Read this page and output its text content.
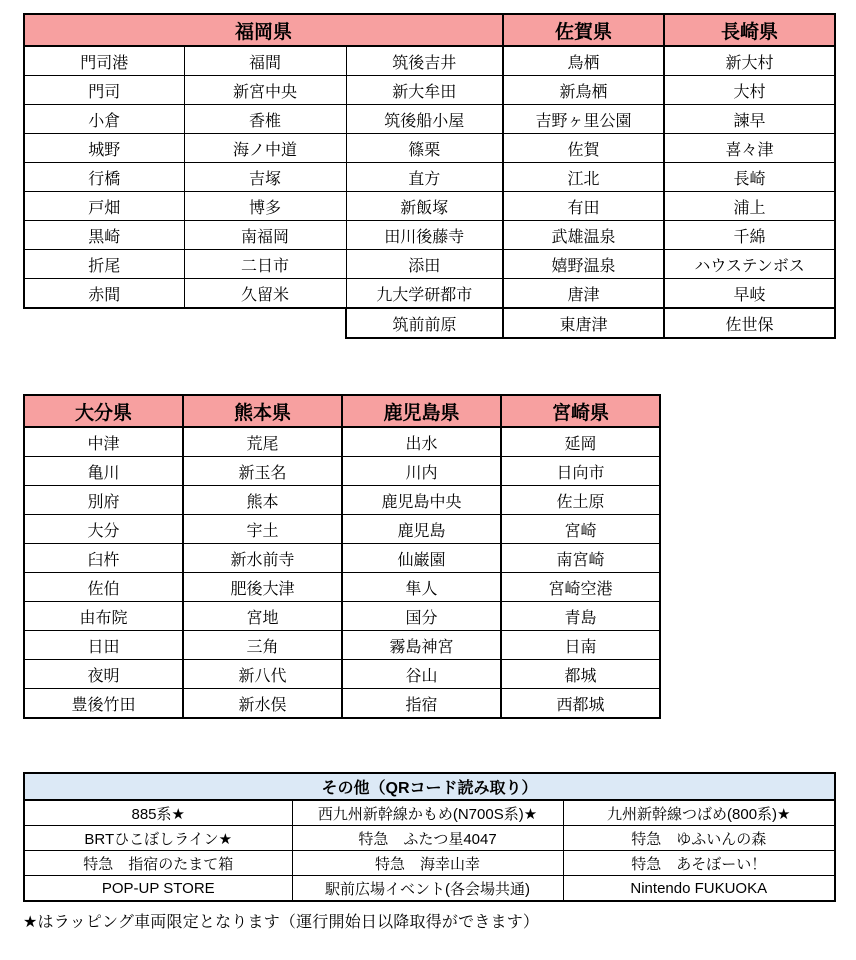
福岡県			佐賀県	長崎県
門司港	福間	筑後吉井	鳥栖	新大村
門司	新宮中央	新大牟田	新鳥栖	大村
小倉	香椎	筑後船小屋	吉野ヶ里公園	諫早
城野	海ノ中道	篠栗	佐賀	喜々津
行橋	吉塚	直方	江北	長崎
戸畑	博多	新飯塚	有田	浦上
黒崎	南福岡	田川後藤寺	武雄温泉	千綿
折尾	二日市	添田	嬉野温泉	ハウステンボス
赤間	久留米	九大学研都市	唐津	早岐
		筑前前原	東唐津	佐世保
大分県	熊本県	鹿児島県	宮崎県
中津	荒尾	出水	延岡
亀川	新玉名	川内	日向市
別府	熊本	鹿児島中央	佐土原
大分	宇土	鹿児島	宮崎
臼杵	新水前寺	仙巌園	南宮崎
佐伯	肥後大津	隼人	宮崎空港
由布院	宮地	国分	青島
日田	三角	霧島神宮	日南
夜明	新八代	谷山	都城
豊後竹田	新水俣	指宿	西都城
その他（QRコード読み取り）		
885系★	西九州新幹線かもめ(N700S系)★	九州新幹線つばめ(800系)★
BRTひこぼしライン★	特急　ふたつ星4047	特急　ゆふいんの森
特急　指宿のたまて箱	特急　海幸山幸	特急　あそぼーい！
POP-UP STORE	駅前広場イベント(各会場共通)	Nintendo FUKUOKA
★はラッピング車両限定となります（運行開始日以降取得ができます）
